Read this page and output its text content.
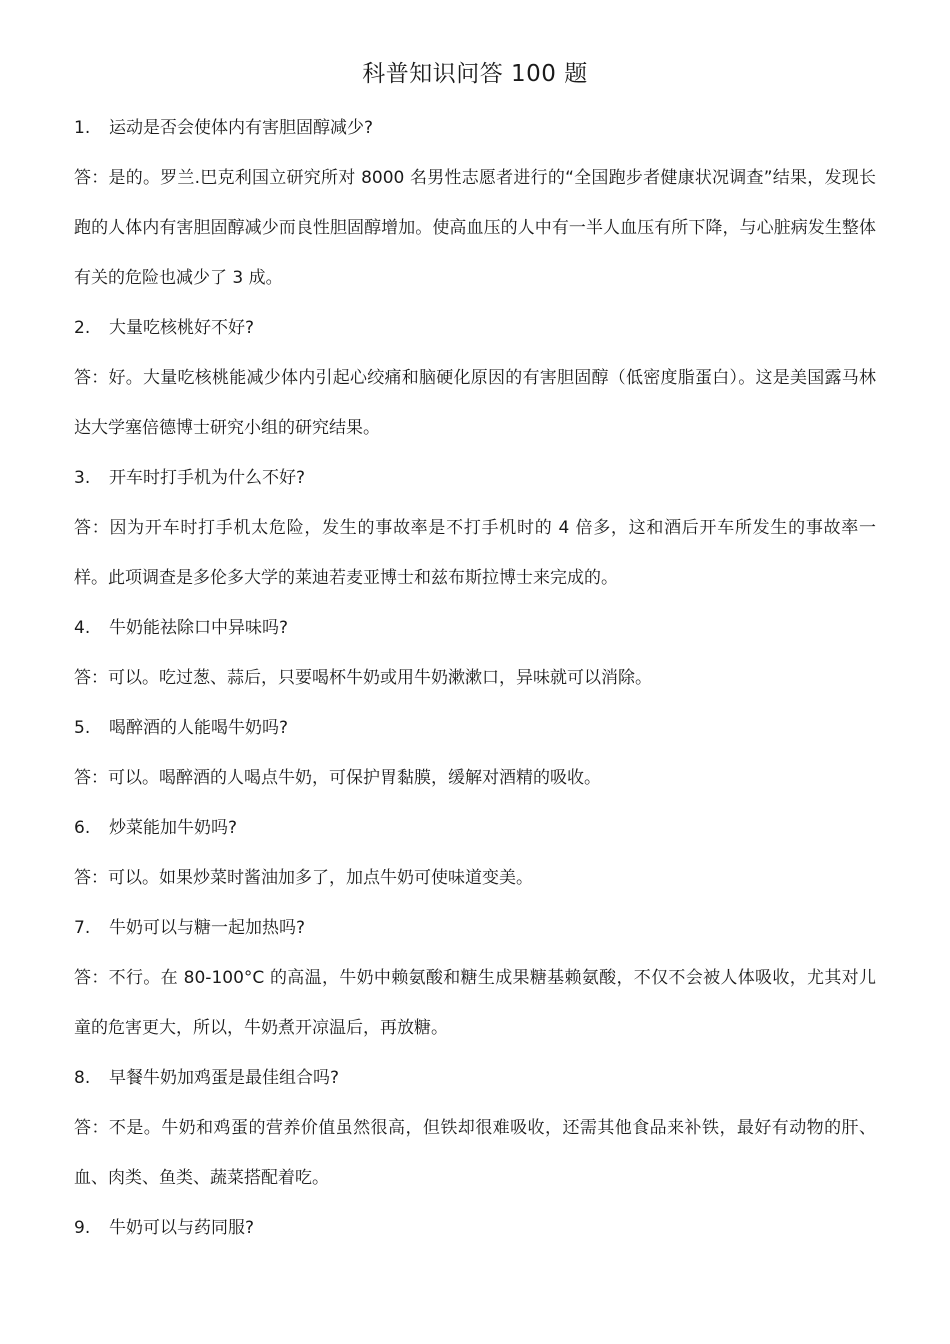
科普知识问答 100 题
1.	运动是否会使体内有害胆固醇减少?
答：是的。罗兰.巴克利国立研究所对 8000 名男性志愿者进行的“全国跑步者健康状况调查”结果，发现长跑的人体内有害胆固醇减少而良性胆固醇增加。使高血压的人中有一半人血压有所下降，与心脏病发生整体有关的危险也减少了 3 成。
2.	大量吃核桃好不好?
答：好。大量吃核桃能减少体内引起心绞痛和脑硬化原因的有害胆固醇（低密度脂蛋白）。这是美国露马林达大学塞倍德博士研究小组的研究结果。
3.	开车时打手机为什么不好?
答：因为开车时打手机太危险，发生的事故率是不打手机时的 4 倍多，这和酒后开车所发生的事故率一样。此项调查是多伦多大学的莱迪若麦亚博士和兹布斯拉博士来完成的。
4.	牛奶能祛除口中异味吗?
答：可以。吃过葱、蒜后，只要喝杯牛奶或用牛奶漱漱口，异味就可以消除。
5.	喝醉酒的人能喝牛奶吗?
答：可以。喝醉酒的人喝点牛奶，可保护胃黏膜，缓解对酒精的吸收。
6.	炒菜能加牛奶吗?
答：可以。如果炒菜时酱油加多了，加点牛奶可使味道变美。
7.	牛奶可以与糖一起加热吗?
答：不行。在 80-100°C 的高温，牛奶中赖氨酸和糖生成果糖基赖氨酸，不仅不会被人体吸收，尤其对儿童的危害更大，所以，牛奶煮开凉温后，再放糖。
8.	早餐牛奶加鸡蛋是最佳组合吗?
答：不是。牛奶和鸡蛋的营养价值虽然很高，但铁却很难吸收，还需其他食品来补铁，最好有动物的肝、血、肉类、鱼类、蔬菜搭配着吃。
9.	牛奶可以与药同服?
